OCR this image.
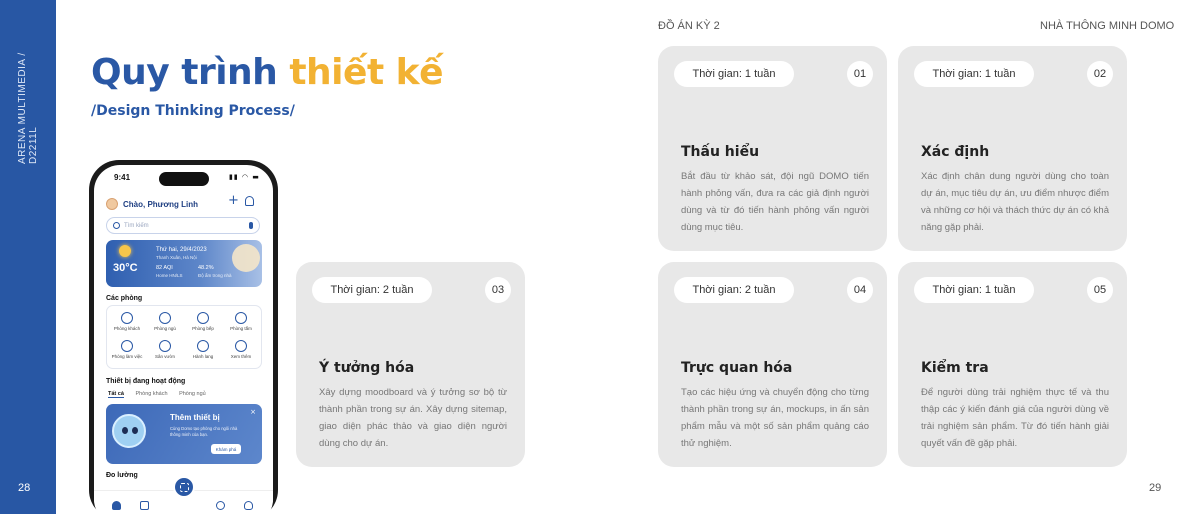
ARENA MULTIMEDIA / D2211L
28
ĐỒ ÁN KỲ 2	NHÀ THÔNG MINH DOMO
29
Quy trình thiết kế
/Design Thinking Process/
9:41	▮▮ ◠ ▬
Chào, Phương Linh +
Tìm kiếm
30°C
Thứ hai, 29/4/2023
Thanh Xuân, Hà Nội
82 AQI
Home HN/LS
48.2%
Độ ẩm trong nhà
Các phòng
Phòng khách	Phòng ngủ	Phòng bếp	Phòng tắm
Phòng làm việc	Sân vườn	Hành lang	Xem thêm
Thiết bị đang hoạt động
Tất cả Phòng khách Phòng ngủ
Thêm thiết bị
Cùng Domo tạo phòng cho ngôi nhà thông minh của bạn.
Khám phá
×
Đo lường
Thời gian: 1 tuần	01
Thấu hiểu
Bắt đầu từ khảo sát, đội ngũ DOMO tiến hành phỏng vấn, đưa ra các giả định người dùng và từ đó tiến hành phỏng vấn người dùng mục tiêu.
Thời gian: 1 tuần	02
Xác định
Xác định chân dung người dùng cho toàn dự án, mục tiêu dự án, ưu điểm nhược điểm và những cơ hội và thách thức dự án có khả năng gặp phải.
Thời gian: 2 tuần	03
Ý tưởng hóa
Xây dựng moodboard và ý tưởng sơ bộ từ thành phần trong sự án. Xây dựng sitemap, giao diện phác thảo và giao diện người dùng cho dự án.
Thời gian: 2 tuần	04
Trực quan hóa
Tạo các hiệu ứng và chuyển động cho từng thành phần trong sự án, mockups, in ấn sản phẩm mẫu và một số sản phẩm quảng cáo thử nghiệm.
Thời gian: 1 tuần	05
Kiểm tra
Để người dùng trải nghiệm thực tế và thu thập các ý kiến đánh giá của người dùng về trải nghiệm sản phẩm. Từ đó tiến hành giải quyết vấn đề gặp phải.
